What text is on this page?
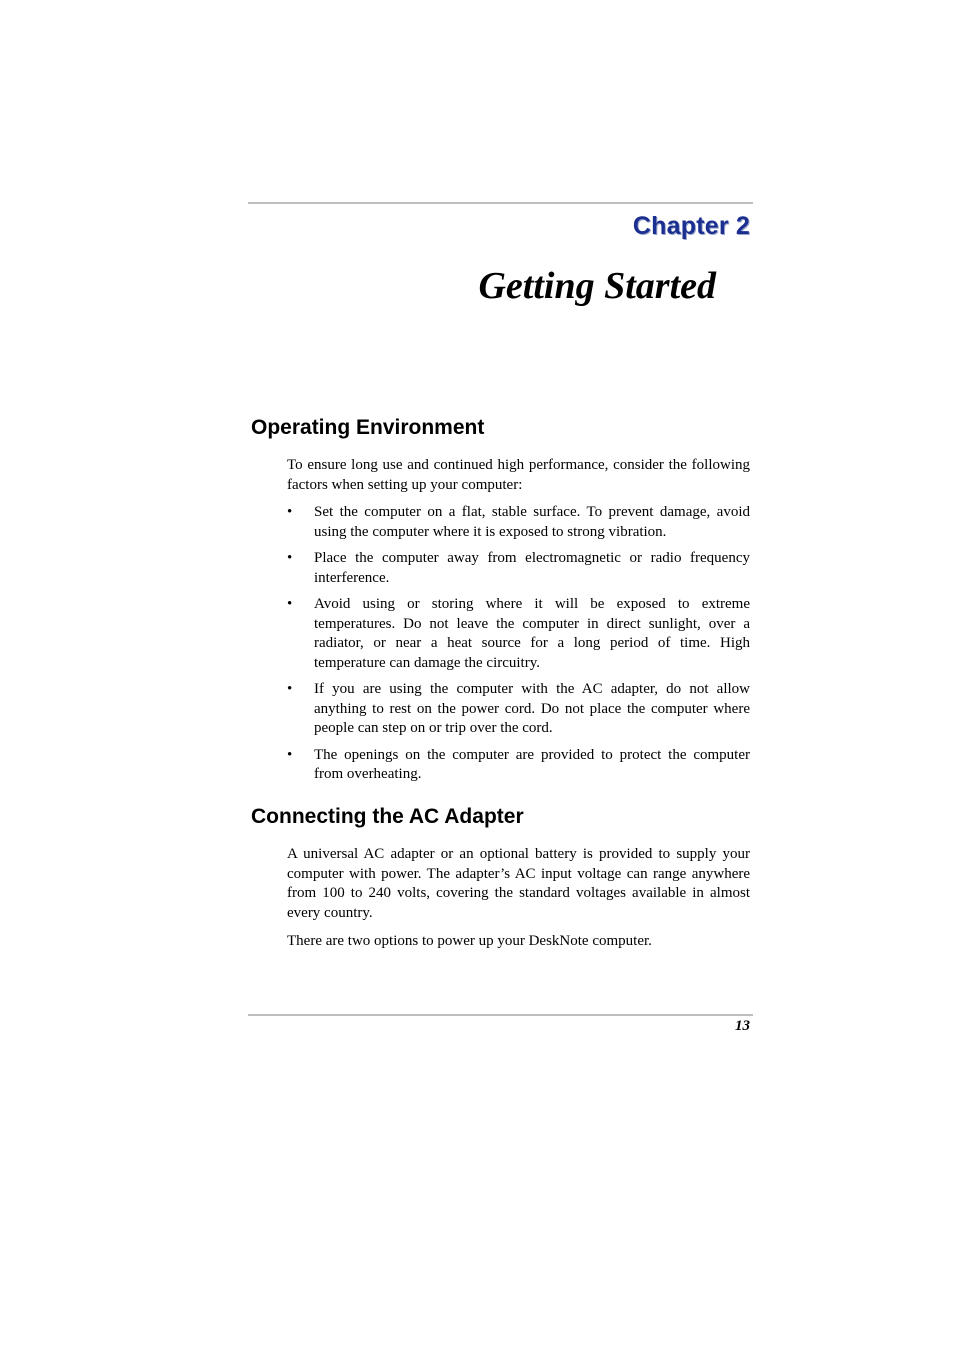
Chapter 2
Getting Started
Operating Environment

To ensure long use and continued high performance, consider the following factors when setting up your computer:

•	Set the computer on a flat, stable surface. To prevent damage, avoid using the computer where it is exposed to strong vibration.
•	Place the computer away from electromagnetic or radio frequency interference.
•	Avoid using or storing where it will be exposed to extreme temperatures. Do not leave the computer in direct sunlight, over a radiator, or near a heat source for a long period of time. High temperature can damage the circuitry.
•	If you are using the computer with the AC adapter, do not allow anything to rest on the power cord. Do not place the computer where people can step on or trip over the cord.
•	The openings on the computer are provided to protect the computer from overheating.
Connecting the AC Adapter

A universal AC adapter or an optional battery is provided to supply your computer with power. The adapter’s AC input voltage can range anywhere from 100 to 240 volts, covering the standard voltages available in almost every country.

There are two options to power up your DeskNote computer.

13
